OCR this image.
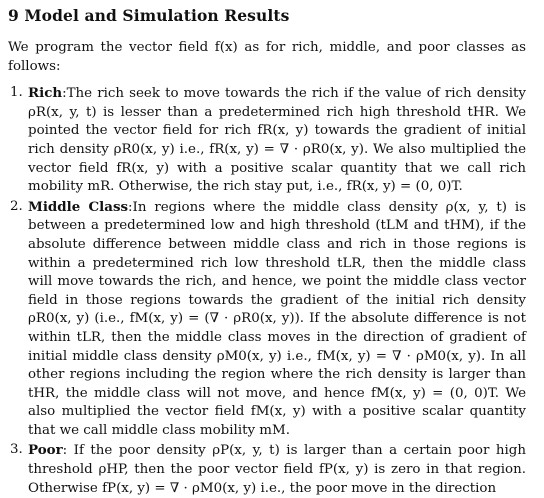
9 Model and Simulation Results

We program the vector field f(x) as for rich, middle, and poor classes as follows:

1. Rich:The rich seek to move towards the rich if the value of rich density ρR(x, y, t) is lesser than a predetermined rich high threshold tHR. We pointed the vector field for rich fR(x, y) towards the gradient of initial rich density ρR0(x, y) i.e., fR(x, y) = ∇ · ρR0(x, y). We also multiplied the vector field fR(x, y) with a positive scalar quantity that we call rich mobility mR. Otherwise, the rich stay put, i.e., fR(x, y) = (0, 0)T.
2. Middle Class:In regions where the middle class density ρ(x, y, t) is between a predetermined low and high threshold (tLM and tHM), if the absolute difference between middle class and rich in those regions is within a predetermined rich low threshold tLR, then the middle class will move towards the rich, and hence, we point the middle class vector field in those regions towards the gradient of the initial rich density ρR0(x, y) (i.e., fM(x, y) = (∇ · ρR0(x, y)). If the absolute difference is not within tLR, then the middle class moves in the direction of gradient of initial middle class density ρM0(x, y) i.e., fM(x, y) = ∇ · ρM0(x, y). In all other regions including the region where the rich density is larger than tHR, the middle class will not move, and hence fM(x, y) = (0, 0)T. We also multiplied the vector field fM(x, y) with a positive scalar quantity that we call middle class mobility mM.
3. Poor: If the poor density ρP(x, y, t) is larger than a certain poor high threshold ρHP, then the poor vector field fP(x, y) is zero in that region. Otherwise fP(x, y) = ∇ · ρM0(x, y) i.e., the poor move in the direction
